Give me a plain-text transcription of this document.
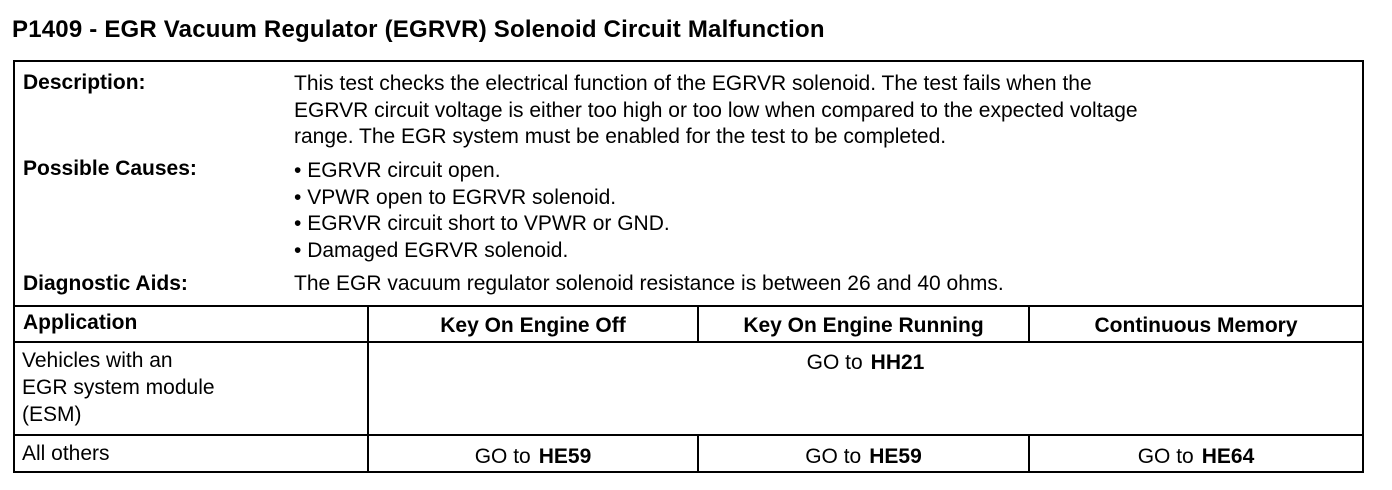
P1409 - EGR Vacuum Regulator (EGRVR) Solenoid Circuit Malfunction
Description:	This test checks the electrical function of the EGRVR solenoid. The test fails when the
EGRVR circuit voltage is either too high or too low when compared to the expected voltage
range. The EGR system must be enabled for the test to be completed.
Possible Causes:
•	EGRVR circuit open.
• VPWR open to EGRVR solenoid.
• EGRVR circuit short to VPWR or GND.
• Damaged EGRVR solenoid.
Diagnostic Aids:	The EGR vacuum regulator solenoid resistance is between 26 and 40 ohms.
Application	Key On Engine Off	Key On Engine Running	Continuous Memory
Vehicles with an
EGR system module
(ESM)
GO to HH21
All others	GO to HE59	GO to HE59	GO to HE64
